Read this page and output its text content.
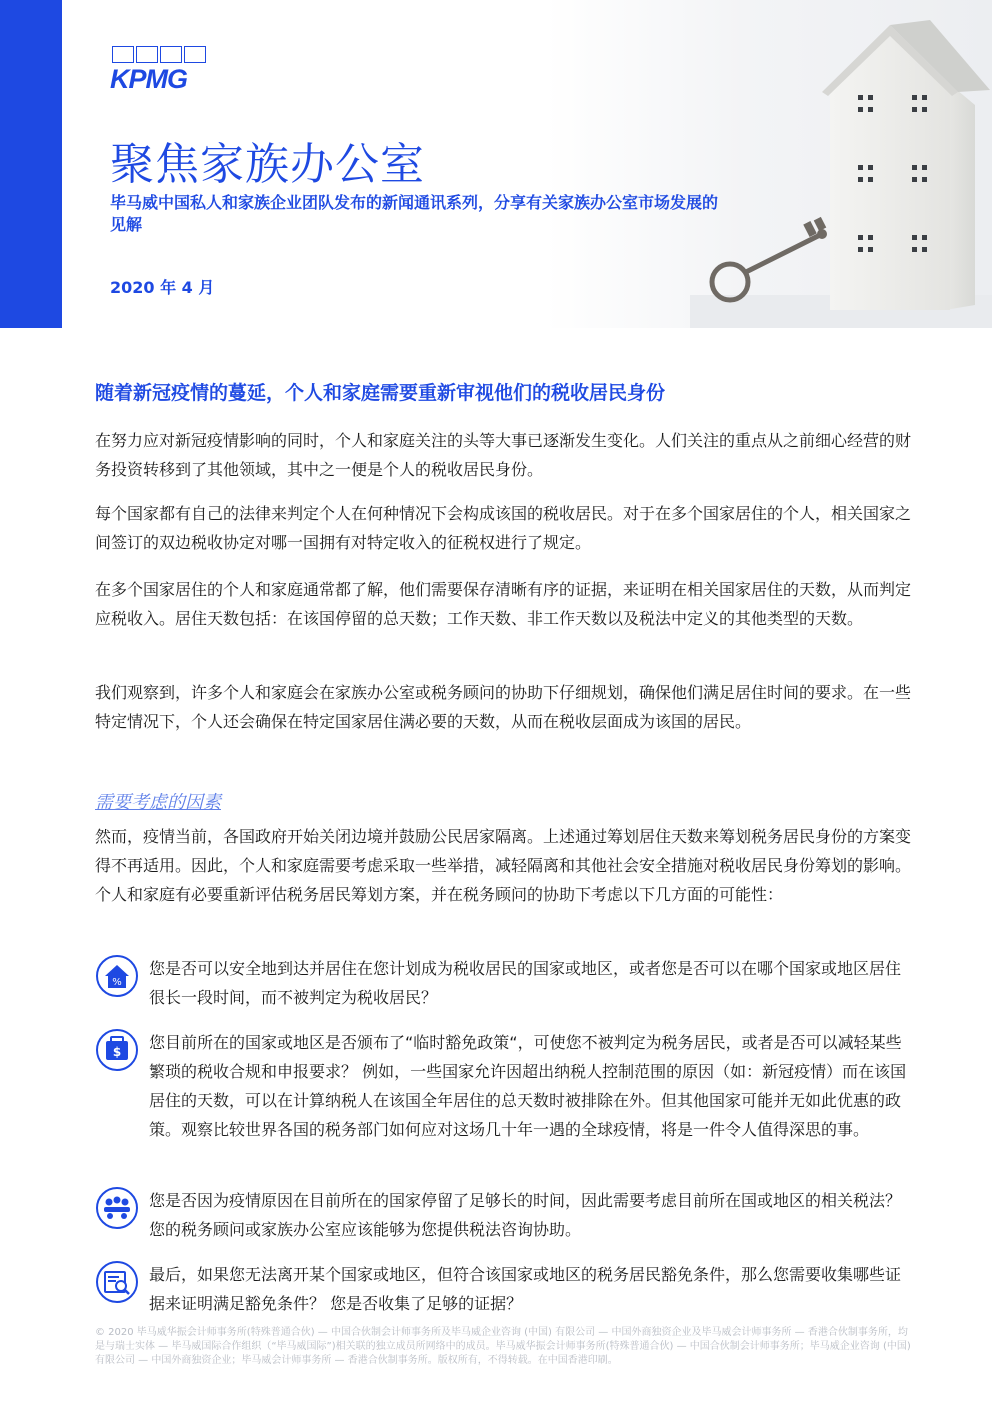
KPMG
聚焦家族办公室
毕马威中国私人和家族企业团队发布的新闻通讯系列，分享有关家族办公室市场发展的见解
2020 年 4 月
随着新冠疫情的蔓延，个人和家庭需要重新审视他们的税收居民身份
在努力应对新冠疫情影响的同时，个人和家庭关注的头等大事已逐渐发生变化。人们关注的重点从之前细心经营的财务投资转移到了其他领域，其中之一便是个人的税收居民身份。
每个国家都有自己的法律来判定个人在何种情况下会构成该国的税收居民。对于在多个国家居住的个人，相关国家之间签订的双边税收协定对哪一国拥有对特定收入的征税权进行了规定。
在多个国家居住的个人和家庭通常都了解，他们需要保存清晰有序的证据，来证明在相关国家居住的天数，从而判定应税收入。居住天数包括：在该国停留的总天数；工作天数、非工作天数以及税法中定义的其他类型的天数。
我们观察到，许多个人和家庭会在家族办公室或税务顾问的协助下仔细规划，确保他们满足居住时间的要求。在一些特定情况下，个人还会确保在特定国家居住满必要的天数，从而在税收层面成为该国的居民。
需要考虑的因素
然而，疫情当前，各国政府开始关闭边境并鼓励公民居家隔离。上述通过筹划居住天数来筹划税务居民身份的方案变得不再适用。因此，个人和家庭需要考虑采取一些举措，减轻隔离和其他社会安全措施对税收居民身份筹划的影响。个人和家庭有必要重新评估税务居民筹划方案，并在税务顾问的协助下考虑以下几方面的可能性：
%
您是否可以安全地到达并居住在您计划成为税收居民的国家或地区，或者您是否可以在哪个国家或地区居住很长一段时间，而不被判定为税收居民？
$ 您目前所在的国家或地区是否颁布了“临时豁免政策“，可使您不被判定为税务居民，或者是否可以减轻某些繁琐的税收合规和申报要求？ 例如，一些国家允许因超出纳税人控制范围的原因（如：新冠疫情）而在该国居住的天数，可以在计算纳税人在该国全年居住的总天数时被排除在外。但其他国家可能并无如此优惠的政策。观察比较世界各国的税务部门如何应对这场几十年一遇的全球疫情，将是一件令人值得深思的事。
您是否因为疫情原因在目前所在的国家停留了足够长的时间，因此需要考虑目前所在国或地区的相关税法？ 您的税务顾问或家族办公室应该能够为您提供税法咨询协助。
最后，如果您无法离开某个国家或地区，但符合该国家或地区的税务居民豁免条件，那么您需要收集哪些证据来证明满足豁免条件？ 您是否收集了足够的证据？
© 2020 毕马威华振会计师事务所(特殊普通合伙) — 中国合伙制会计师事务所及毕马威企业咨询 (中国) 有限公司 — 中国外商独资企业及毕马威会计师事务所 — 香港合伙制事务所，均是与瑞士实体 — 毕马威国际合作组织（“毕马威国际”)相关联的独立成员所网络中的成员。毕马威华振会计师事务所(特殊普通合伙) — 中国合伙制会计师事务所；毕马威企业咨询 (中国) 有限公司 — 中国外商独资企业；毕马威会计师事务所 — 香港合伙制事务所。版权所有，不得转载。在中国香港印刷。
